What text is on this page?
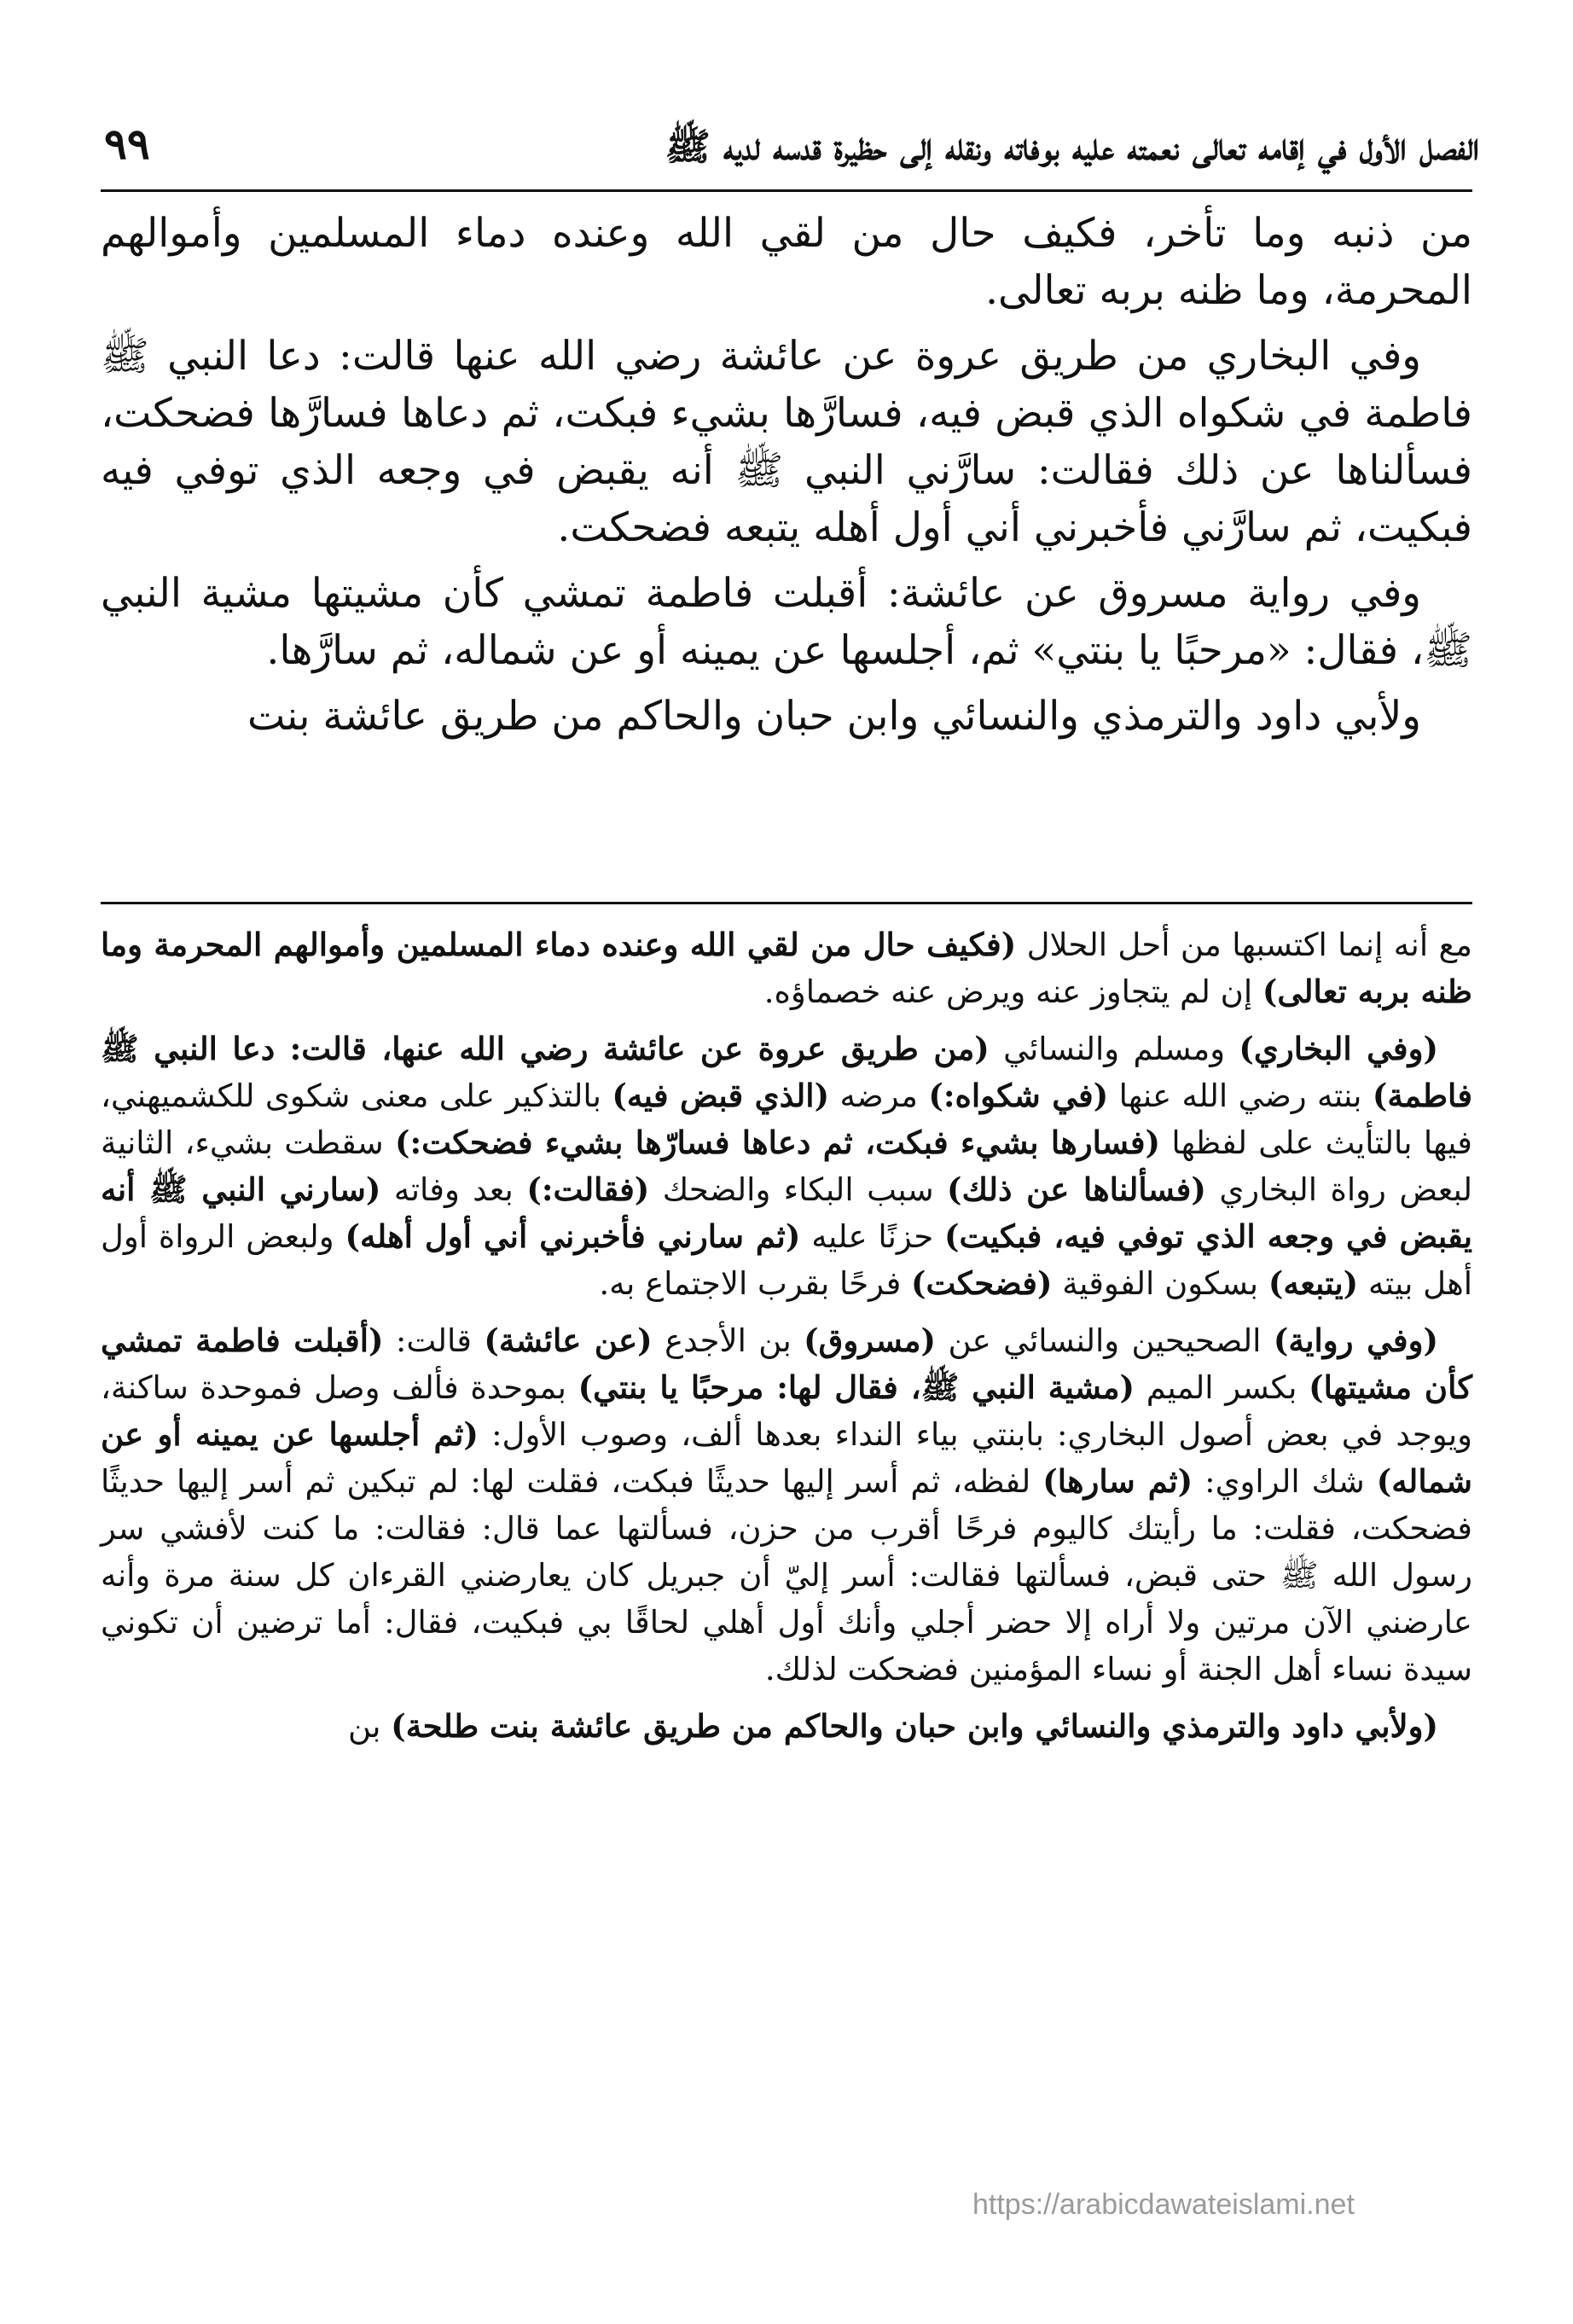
الفصل الأول في إقامه تعالى نعمته عليه بوفاته ونقله إلى حظيرة قدسه لديه ﷺ
٩٩

من ذنبه وما تأخر، فكيف حال من لقي الله وعنده دماء المسلمين وأموالهم المحرمة، وما ظنه بربه تعالى.

وفي البخاري من طريق عروة عن عائشة رضي الله عنها قالت: دعا النبي ﷺ فاطمة في شكواه الذي قبض فيه، فسارَّها بشيء فبكت، ثم دعاها فسارَّها فضحكت، فسألناها عن ذلك فقالت: سارَّني النبي ﷺ أنه يقبض في وجعه الذي توفي فيه فبكيت، ثم سارَّني فأخبرني أني أول أهله يتبعه فضحكت.

وفي رواية مسروق عن عائشة: أقبلت فاطمة تمشي كأن مشيتها مشية النبي ﷺ، فقال: «مرحبًا يا بنتي» ثم، أجلسها عن يمينه أو عن شماله، ثم سارَّها.

ولأبي داود والترمذي والنسائي وابن حبان والحاكم من طريق عائشة بنت

مع أنه إنما اكتسبها من أحل الحلال (فكيف حال من لقي الله وعنده دماء المسلمين وأموالهم المحرمة وما ظنه بربه تعالى) إن لم يتجاوز عنه ويرض عنه خصماؤه.

(وفي البخاري) ومسلم والنسائي (من طريق عروة عن عائشة رضي الله عنها، قالت: دعا النبي ﷺ فاطمة) بنته رضي الله عنها (في شكواه:) مرضه (الذي قبض فيه) بالتذكير على معنى شكوى للكشميهني، فيها بالتأيث على لفظها (فسارها بشيء فبكت، ثم دعاها فسارّها بشيء فضحكت:) سقطت بشيء، الثانية لبعض رواة البخاري (فسألناها عن ذلك) سبب البكاء والضحك (فقالت:) بعد وفاته (سارني النبي ﷺ أنه يقبض في وجعه الذي توفي فيه، فبكيت) حزنًا عليه (ثم سارني فأخبرني أني أول أهله) ولبعض الرواة أول أهل بيته (يتبعه) بسكون الفوقية (فضحكت) فرحًا بقرب الاجتماع به.

(وفي رواية) الصحيحين والنسائي عن (مسروق) بن الأجدع (عن عائشة) قالت: (أقبلت فاطمة تمشي كأن مشيتها) بكسر الميم (مشية النبي ﷺ، فقال لها: مرحبًا يا بنتي) بموحدة فألف وصل فموحدة ساكنة، ويوجد في بعض أصول البخاري: بابنتي بياء النداء بعدها ألف، وصوب الأول: (ثم أجلسها عن يمينه أو عن شماله) شك الراوي: (ثم سارها) لفظه، ثم أسر إليها حديثًا فبكت، فقلت لها: لم تبكين ثم أسر إليها حديثًا فضحكت، فقلت: ما رأيتك كاليوم فرحًا أقرب من حزن، فسألتها عما قال: فقالت: ما كنت لأفشي سر رسول الله ﷺ حتى قبض، فسألتها فقالت: أسر إليّ أن جبريل كان يعارضني القرءان كل سنة مرة وأنه عارضني الآن مرتين ولا أراه إلا حضر أجلي وأنك أول أهلي لحاقًا بي فبكيت، فقال: أما ترضين أن تكوني سيدة نساء أهل الجنة أو نساء المؤمنين فضحكت لذلك.

(ولأبي داود والترمذي والنسائي وابن حبان والحاكم من طريق عائشة بنت طلحة) بن

https://arabicdawateislami.net
